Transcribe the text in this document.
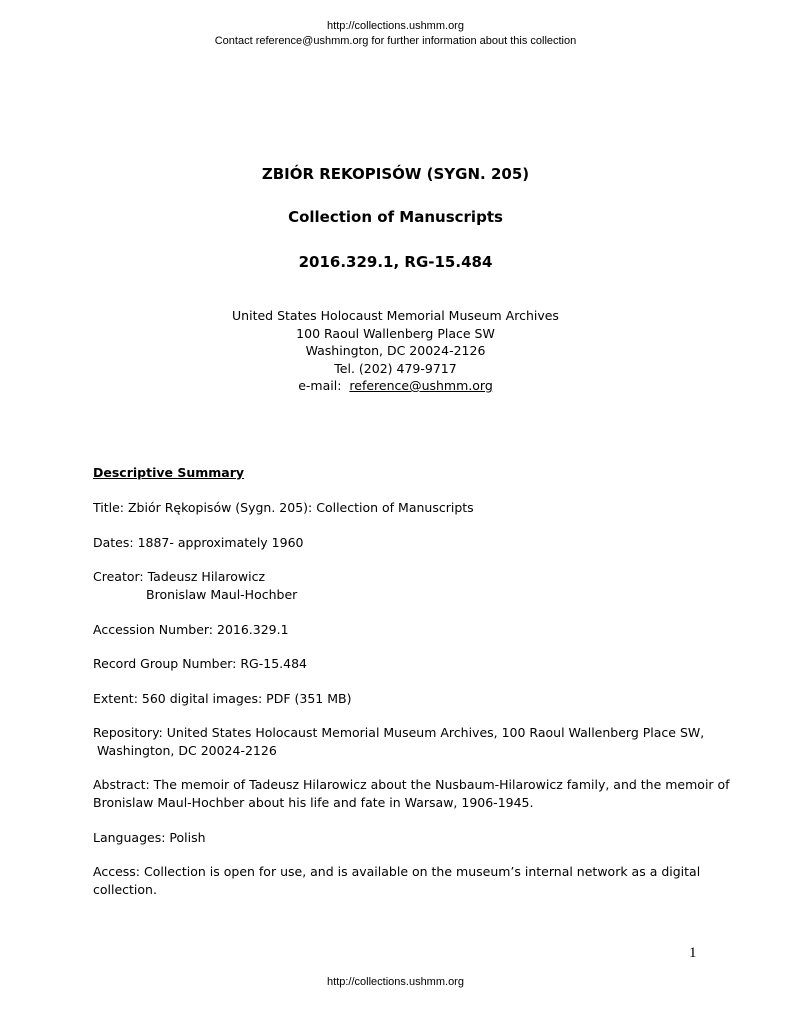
http://collections.ushmm.org
Contact reference@ushmm.org for further information about this collection
ZBIÓR REKOPISÓW (SYGN. 205)
Collection of Manuscripts
2016.329.1, RG-15.484
United States Holocaust Memorial Museum Archives
100 Raoul Wallenberg Place SW
Washington, DC 20024-2126
Tel. (202) 479-9717
e-mail:  reference@ushmm.org
Descriptive Summary
Title: Zbiór Rękopisów (Sygn. 205): Collection of Manuscripts
Dates: 1887- approximately 1960
Creator: Tadeusz Hilarowicz
Bronislaw Maul-Hochber
Accession Number: 2016.329.1
Record Group Number: RG-15.484
Extent: 560 digital images: PDF (351 MB)
Repository: United States Holocaust Memorial Museum Archives, 100 Raoul Wallenberg Place SW,
Washington, DC 20024-2126
Abstract: The memoir of Tadeusz Hilarowicz about the Nusbaum-Hilarowicz family, and the memoir of
Bronislaw Maul-Hochber about his life and fate in Warsaw, 1906-1945.
Languages: Polish
Access: Collection is open for use, and is available on the museum’s internal network as a digital
collection.
1
http://collections.ushmm.org
